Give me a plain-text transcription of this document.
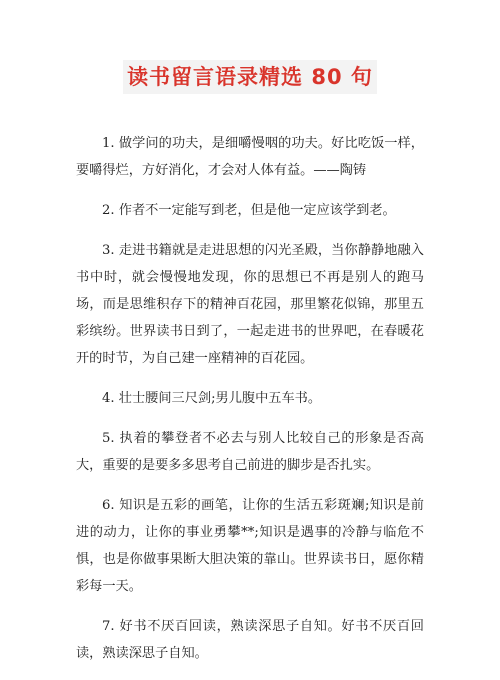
读书留言语录精选 80 句

1. 做学问的功夫，是细嚼慢咽的功夫。好比吃饭一样，要嚼得烂，方好消化，才会对人体有益。——陶铸

2. 作者不一定能写到老，但是他一定应该学到老。

3. 走进书籍就是走进思想的闪光圣殿，当你静静地融入书中时，就会慢慢地发现，你的思想已不再是别人的跑马场，而是思维积存下的精神百花园，那里繁花似锦，那里五彩缤纷。世界读书日到了，一起走进书的世界吧，在春暖花开的时节，为自己建一座精神的百花园。

4. 壮士腰间三尺剑;男儿腹中五车书。

5. 执着的攀登者不必去与别人比较自己的形象是否高大，重要的是要多多思考自己前进的脚步是否扎实。

6. 知识是五彩的画笔，让你的生活五彩斑斓;知识是前进的动力，让你的事业勇攀**;知识是遇事的冷静与临危不惧，也是你做事果断大胆决策的靠山。世界读书日，愿你精彩每一天。

7. 好书不厌百回读，熟读深思子自知。好书不厌百回读，熟读深思子自知。
